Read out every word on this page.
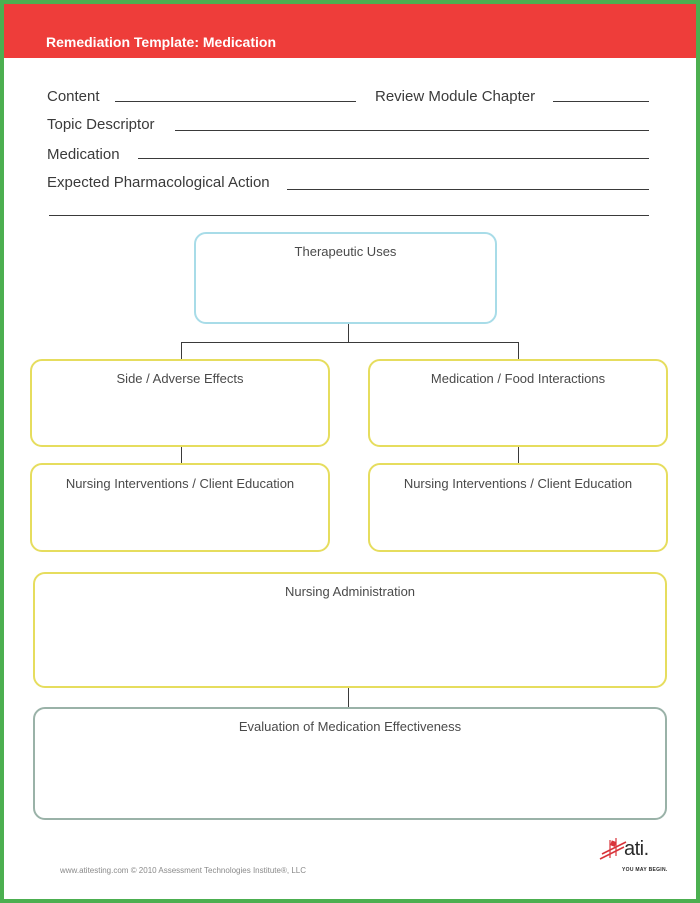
Remediation Template: Medication
Content	Review Module Chapter
Topic Descriptor
Medication
Expected Pharmacological Action
Therapeutic Uses
Side / Adverse Effects	Medication / Food Interactions
Nursing Interventions / Client Education	Nursing Interventions / Client Education
Nursing Administration
Evaluation of Medication Effectiveness
www.atitesting.com © 2010 Assessment Technologies Institute®, LLC
ati.
YOU MAY BEGIN.
